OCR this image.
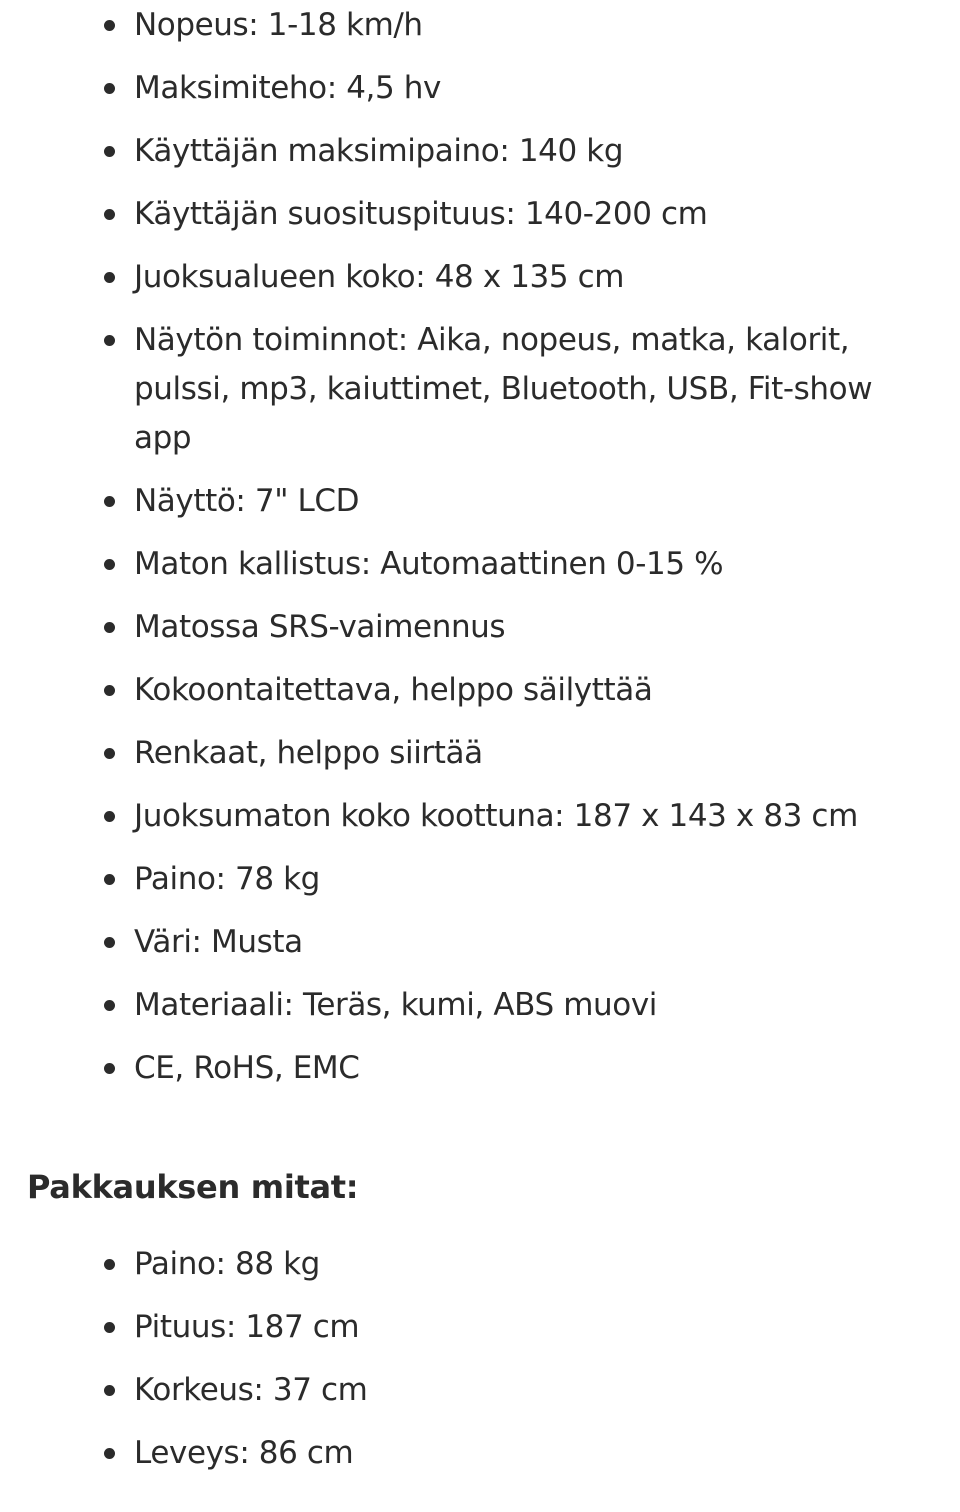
Nopeus: 1-18 km/h
Maksimiteho: 4,5 hv
Käyttäjän maksimipaino: 140 kg
Käyttäjän suosituspituus: 140-200 cm
Juoksualueen koko: 48 x 135 cm
Näytön toiminnot: Aika, nopeus, matka, kalorit, pulssi, mp3, kaiuttimet, Bluetooth, USB, Fit-show app
Näyttö: 7" LCD
Maton kallistus: Automaattinen 0-15 %
Matossa SRS-vaimennus
Kokoontaitettava, helppo säilyttää
Renkaat, helppo siirtää
Juoksumaton koko koottuna: 187 x 143 x 83 cm
Paino: 78 kg
Väri: Musta
Materiaali: Teräs, kumi, ABS muovi
CE, RoHS, EMC
Pakkauksen mitat:
Paino: 88 kg
Pituus: 187 cm
Korkeus: 37 cm
Leveys: 86 cm
